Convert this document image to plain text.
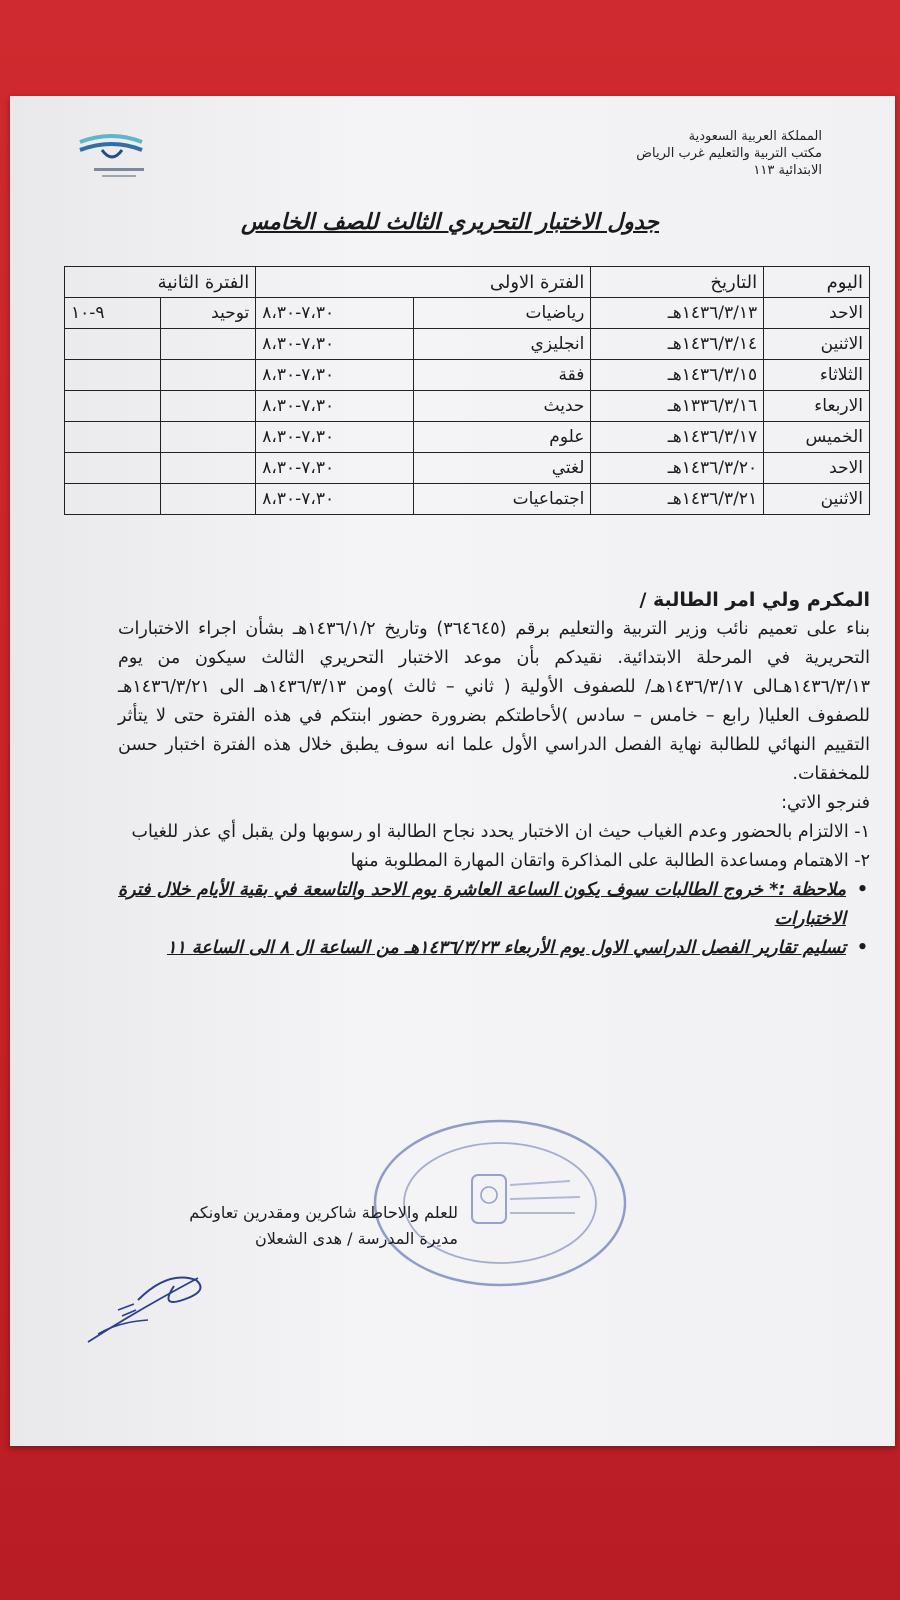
المملكة العربية السعودية
مكتب التربية والتعليم غرب الرياض
الابتدائية ١١٣
جدول الاختبار التحريري الثالث للصف الخامس
اليوم	التاريخ	الفترة الاولى		الفترة الثانية	
الاحد	١٤٣٦/٣/١٣هـ	رياضيات	٧،٣٠-٨،٣٠	توحيد	٩-١٠
الاثنين	١٤٣٦/٣/١٤هـ	انجليزي	٧،٣٠-٨،٣٠		
الثلاثاء	١٤٣٦/٣/١٥هـ	فقة	٧،٣٠-٨،٣٠		
الاربعاء	١٣٣٦/٣/١٦هـ	حديث	٧،٣٠-٨،٣٠		
الخميس	١٤٣٦/٣/١٧هـ	علوم	٧،٣٠-٨،٣٠		
الاحد	١٤٣٦/٣/٢٠هـ	لغتي	٧،٣٠-٨،٣٠		
الاثنين	١٤٣٦/٣/٢١هـ	اجتماعيات	٧،٣٠-٨،٣٠		
المكرم ولي امر الطالبة /
بناء على تعميم نائب وزير التربية والتعليم برقم (٣٦٤٦٤٥) وتاريخ ١٤٣٦/١/٢هـ بشأن اجراء الاختبارات التحريرية في المرحلة الابتدائية. نقيدكم بأن موعد الاختبار التحريري الثالث سيكون من يوم ١٤٣٦/٣/١٣هـالى ١٤٣٦/٣/١٧هـ/ للصفوف الأولية ( ثاني – ثالث )ومن ١٤٣٦/٣/١٣هـ الى ١٤٣٦/٣/٢١هـ للصفوف العليا( رابع – خامس – سادس )لأحاطتكم بضرورة حضور ابنتكم في هذه الفترة حتى لا يتأثر التقييم النهائي للطالبة نهاية الفصل الدراسي الأول علما انه سوف يطبق خلال هذه الفترة اختبار حسن للمخفقات.

فنرجو الاتي:

١- الالتزام بالحضور وعدم الغياب حيث ان الاختبار يحدد نجاح الطالبة او رسوبها ولن يقبل أي عذر للغياب

٢- الاهتمام ومساعدة الطالبة على المذاكرة واتقان المهارة المطلوبة منها

• ملاحظة :* خروج الطالبات سوف يكون الساعة العاشرة يوم الاحد والتاسعة في بقية الأيام خلال فترة الاختبارات
• تسليم تقارير الفصل الدراسي الاول يوم الأربعاء ١٤٣٦/٣/٢٣هـ من الساعة ال ٨ الى الساعة ١١
للعلم والاحاطة شاكرين ومقدرين تعاونكم
مديرة المدرسة / هدى الشعلان
